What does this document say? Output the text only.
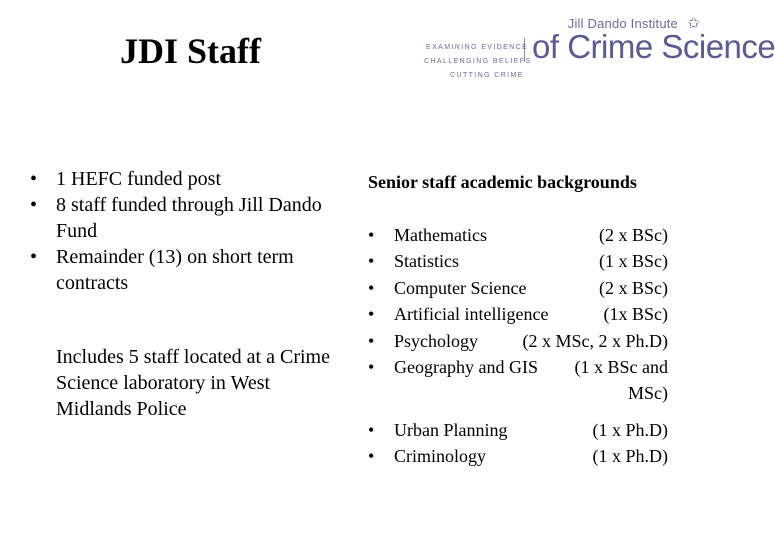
JDI Staff
Jill Dando Institute ✩
EXAMINING EVIDENCE
CHALLENGING BELIEFS
CUTTING CRIME
of Crime Science
• 1 HEFC funded post
• 8 staff funded through Jill Dando Fund
• Remainder (13) on short term contracts
Includes 5 staff located at a Crime Science laboratory in West Midlands Police
Senior staff academic backgrounds
• Mathematics	(2 x BSc)
• Statistics	(1 x BSc)
• Computer Science	(2 x BSc)
• Artificial intelligence	(1x BSc)
• Psychology (2 x MSc, 2 x Ph.D)
• Geography and GIS (1 x BSc and
MSc)
• Urban Planning	(1 x Ph.D)
• Criminology	(1 x Ph.D)
